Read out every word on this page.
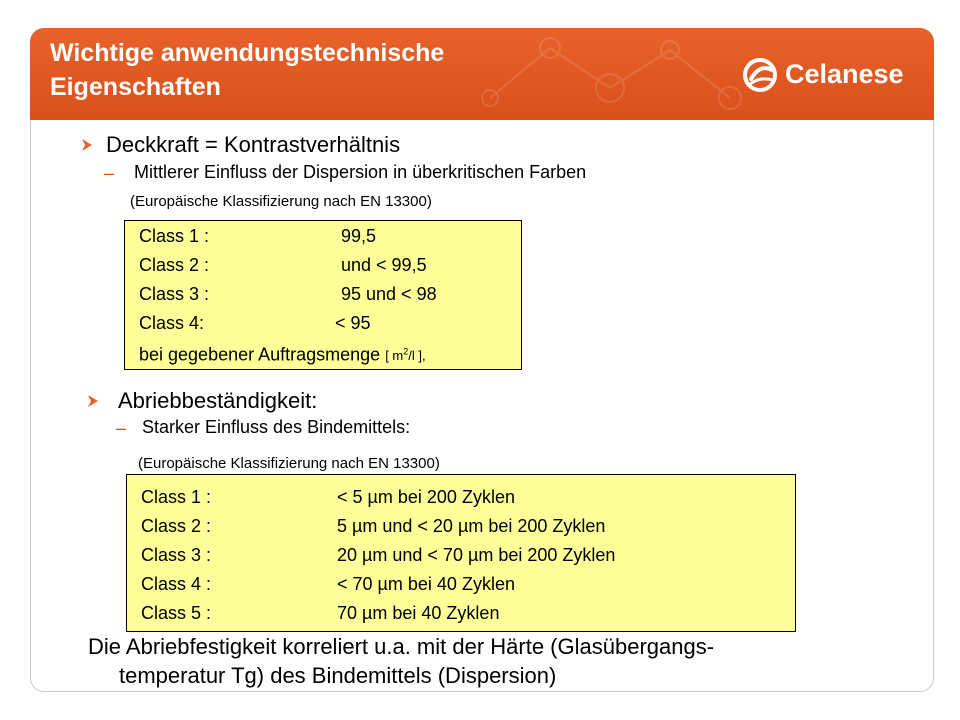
Wichtige anwendungstechnische
Eigenschaften	Celanese
Deckkraft = Kontrastverhältnis
– Mittlerer Einfluss der Dispersion in überkritischen Farben
(Europäische Klassifizierung nach EN 13300)
Class 1 :	99,5
Class 2 :	und < 99,5
Class 3 :	95 und < 98
Class 4:	< 95
bei gegebener Auftragsmenge [ $m^2/l$ ],
Abriebbeständigkeit:
– Starker Einfluss des Bindemittels:
(Europäische Klassifizierung nach EN 13300)
Class 1 :	< 5 µm bei 200 Zyklen
Class 2 :	5 µm und < 20 µm bei 200 Zyklen
Class 3 :	20 µm und < 70 µm bei 200 Zyklen
Class 4 :	< 70 µm bei 40 Zyklen
Class 5 :	70 µm bei 40 Zyklen
Die Abriebfestigkeit korreliert u.a. mit der Härte (Glasübergangs-

temperatur Tg) des Bindemittels (Dispersion)
